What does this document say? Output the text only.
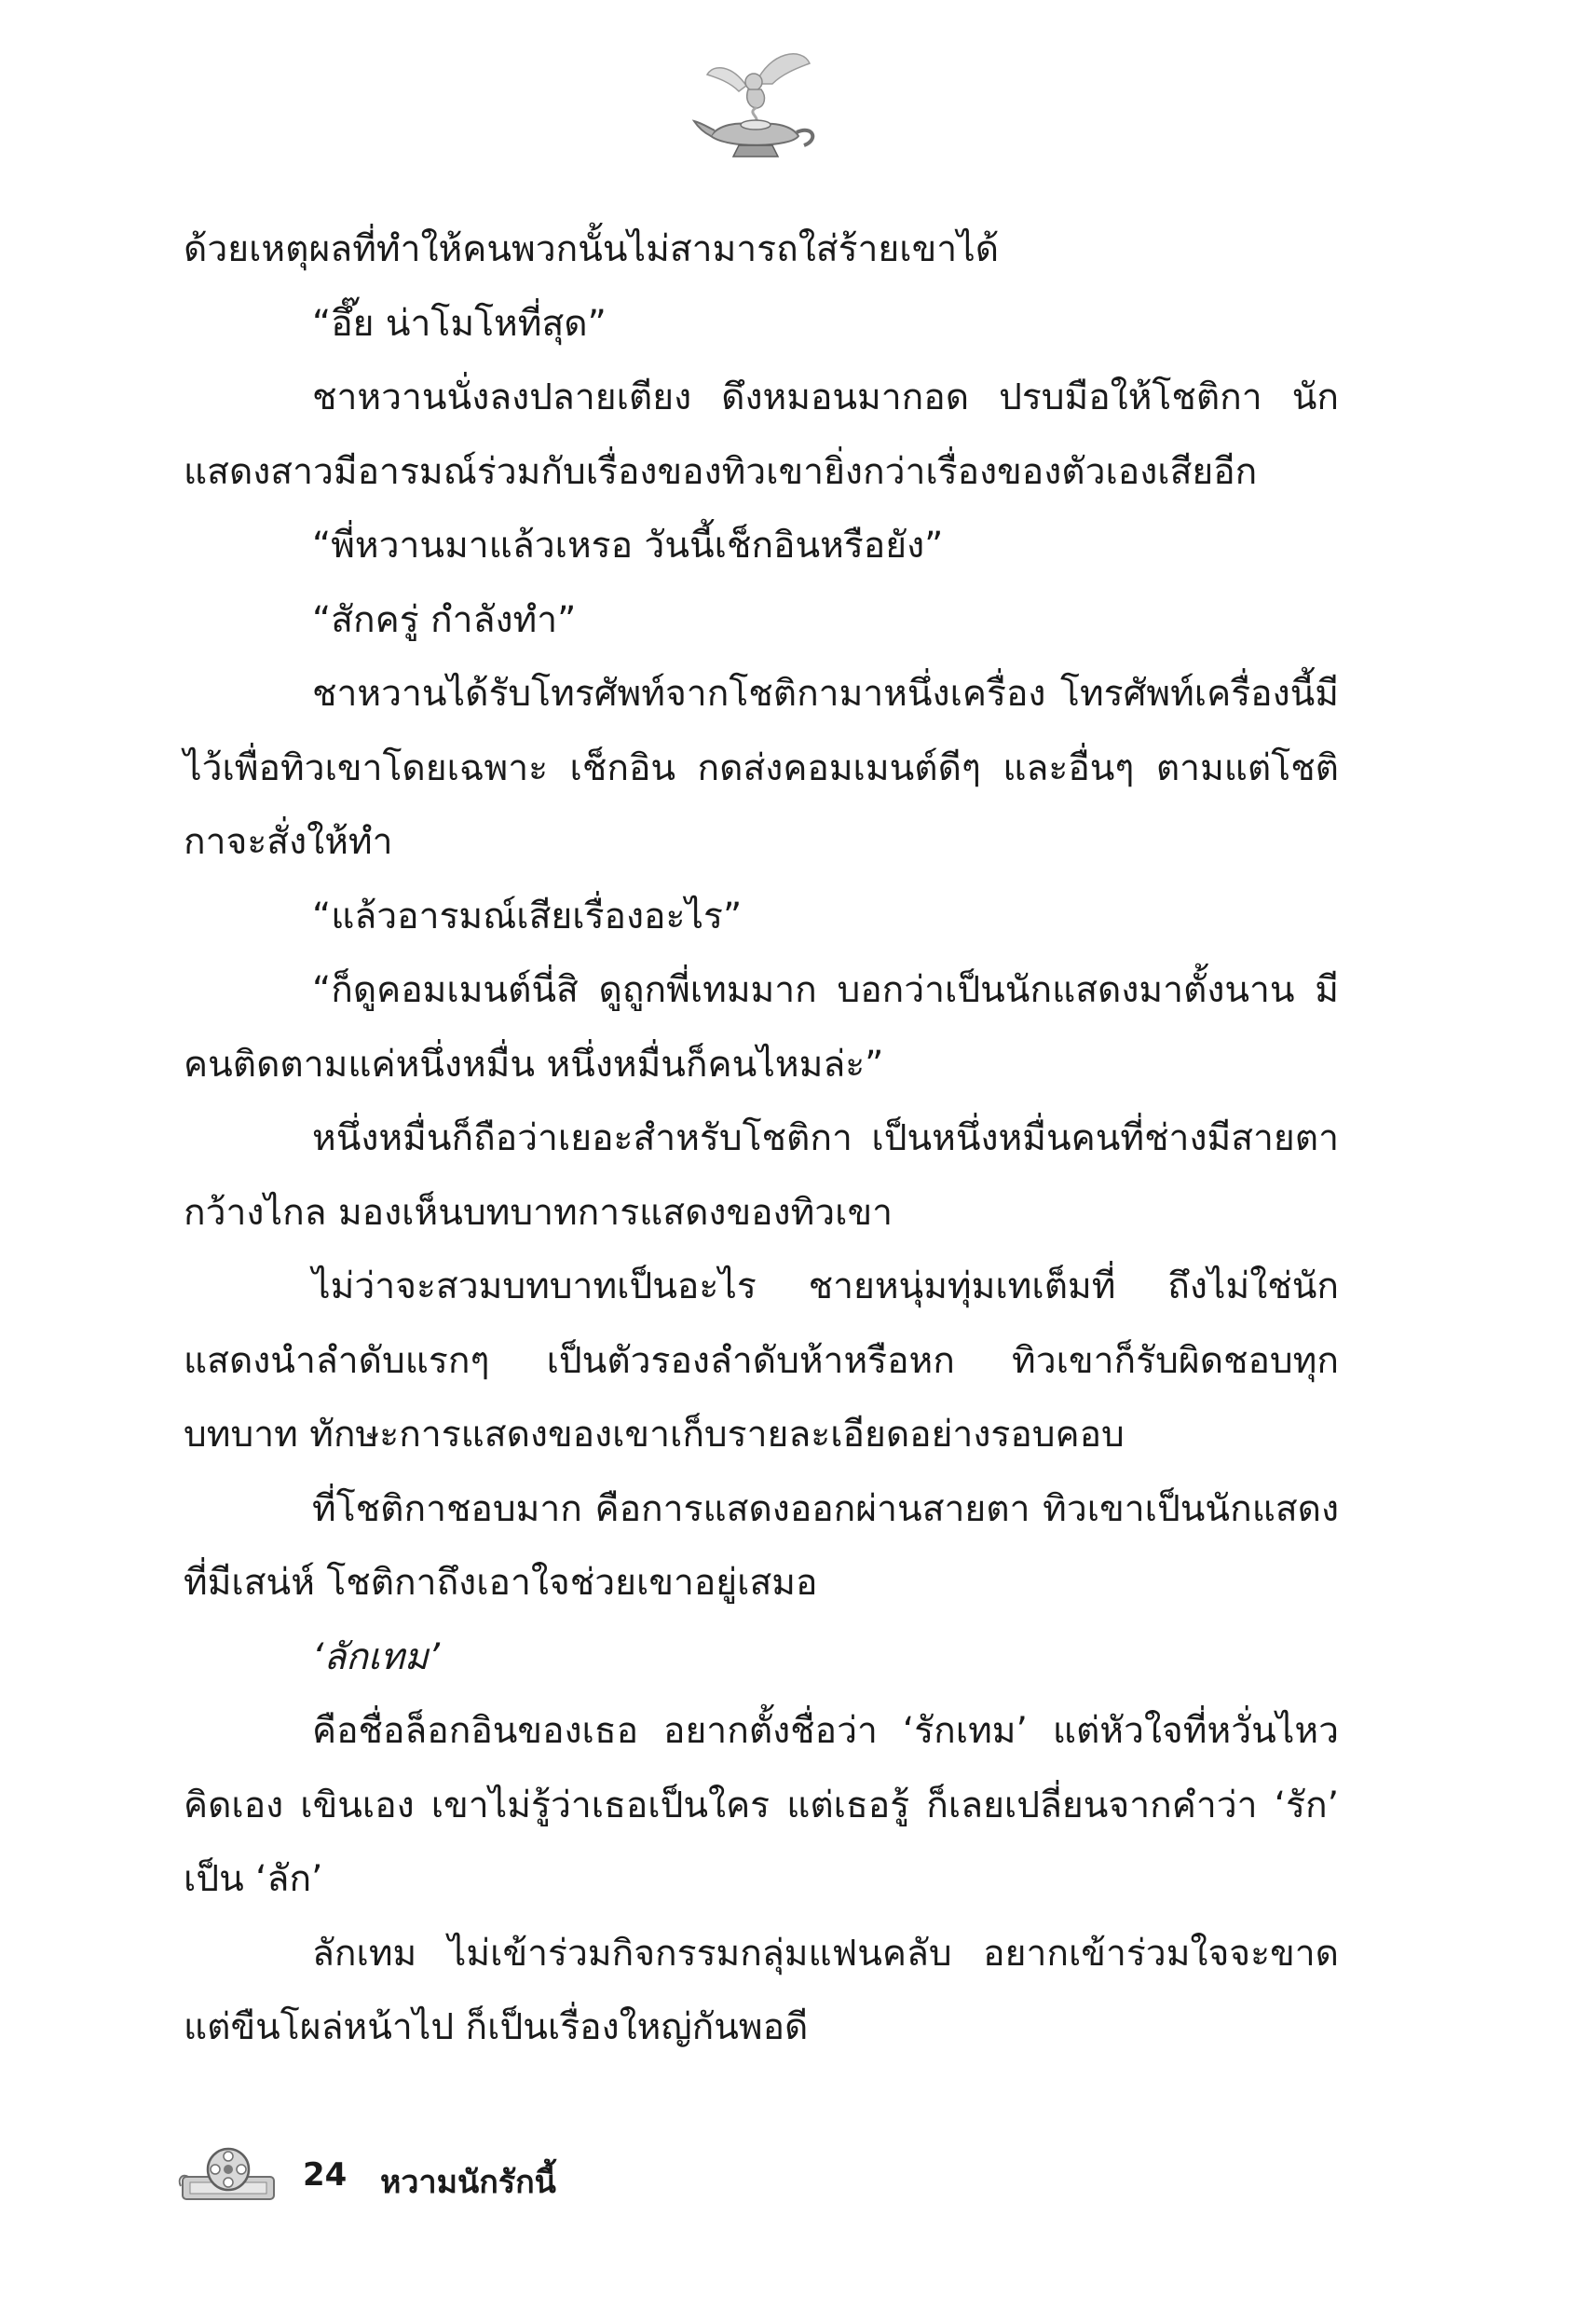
ด้วยเหตุผลที่ทำให้คนพวกนั้นไม่สามารถใส่ร้ายเขาได้

“อึ๊ย น่าโมโหที่สุด”

ชาหวานนั่งลงปลายเตียง ดึงหมอนมากอด ปรบมือให้โชติกา นักแสดงสาวมีอารมณ์ร่วมกับเรื่องของทิวเขายิ่งกว่าเรื่องของตัวเองเสียอีก

“พี่หวานมาแล้วเหรอ วันนี้เช็กอินหรือยัง”

“สักครู่ กำลังทำ”

ชาหวานได้รับโทรศัพท์จากโชติกามาหนึ่งเครื่อง โทรศัพท์เครื่องนี้มีไว้เพื่อทิวเขาโดยเฉพาะ เช็กอิน กดส่งคอมเมนต์ดีๆ และอื่นๆ ตามแต่โชติกาจะสั่งให้ทำ

“แล้วอารมณ์เสียเรื่องอะไร”

“ก็ดูคอมเมนต์นี่สิ ดูถูกพี่เทมมาก บอกว่าเป็นนักแสดงมาตั้งนาน มีคนติดตามแค่หนึ่งหมื่น หนึ่งหมื่นก็คนไหมล่ะ”

หนึ่งหมื่นก็ถือว่าเยอะสำหรับโชติกา เป็นหนึ่งหมื่นคนที่ช่างมีสายตากว้างไกล มองเห็นบทบาทการแสดงของทิวเขา

ไม่ว่าจะสวมบทบาทเป็นอะไร ชายหนุ่มทุ่มเทเต็มที่ ถึงไม่ใช่นักแสดงนำลำดับแรกๆ เป็นตัวรองลำดับห้าหรือหก ทิวเขาก็รับผิดชอบทุกบทบาท ทักษะการแสดงของเขาเก็บรายละเอียดอย่างรอบคอบ

ที่โชติกาชอบมาก คือการแสดงออกผ่านสายตา ทิวเขาเป็นนักแสดงที่มีเสน่ห์ โชติกาถึงเอาใจช่วยเขาอยู่เสมอ

‘ลักเทม’

คือชื่อล็อกอินของเธอ อยากตั้งชื่อว่า ‘รักเทม’ แต่หัวใจที่หวั่นไหวคิดเอง เขินเอง เขาไม่รู้ว่าเธอเป็นใคร แต่เธอรู้ ก็เลยเปลี่ยนจากคำว่า ‘รัก’ เป็น ‘ลัก’

ลักเทม ไม่เข้าร่วมกิจกรรมกลุ่มแฟนคลับ อยากเข้าร่วมใจจะขาด แต่ขืนโผล่หน้าไป ก็เป็นเรื่องใหญ่กันพอดี

24 หวามนักรักนี้
